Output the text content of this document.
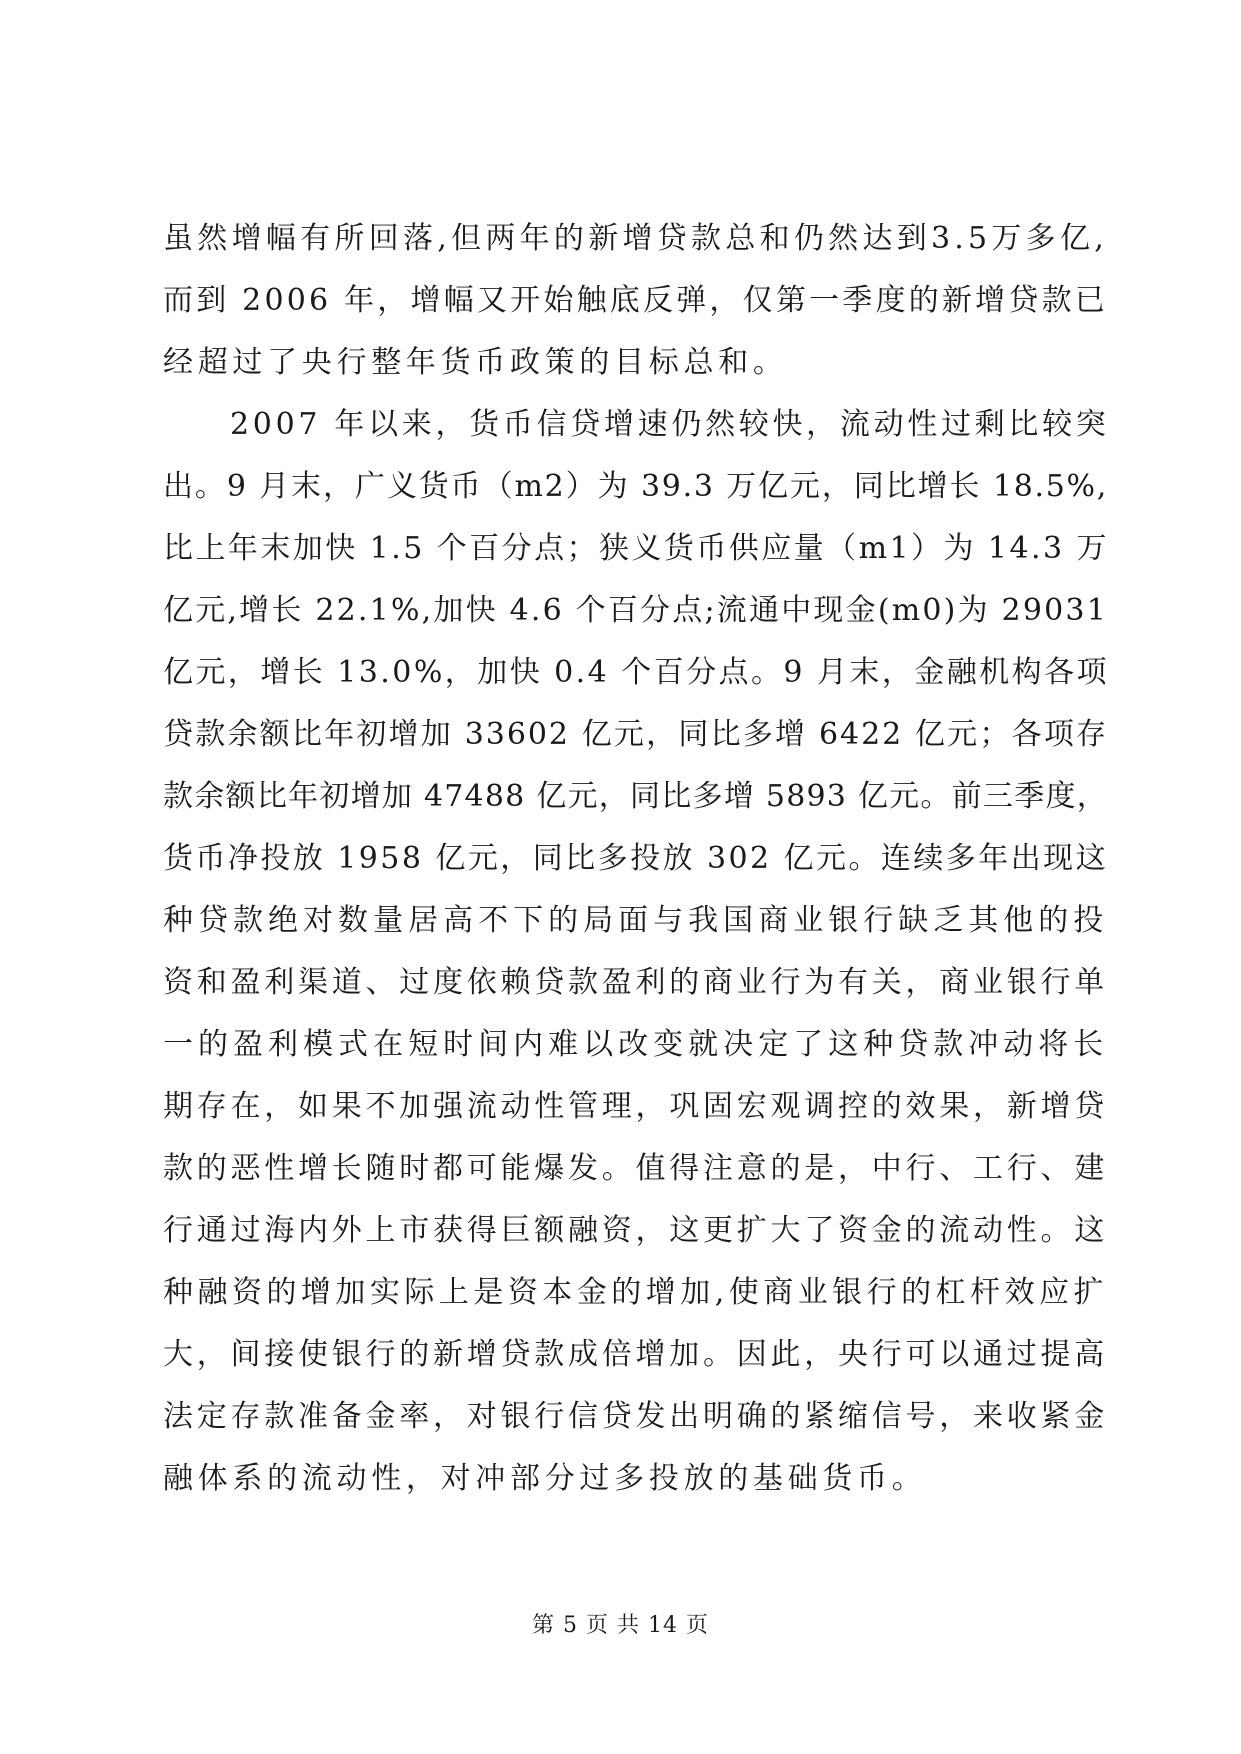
虽然增幅有所回落,但两年的新增贷款总和仍然达到3.5万多亿,
而到 2006 年，增幅又开始触底反弹，仅第一季度的新增贷款已
经超过了央行整年货币政策的目标总和。
2007 年以来，货币信贷增速仍然较快，流动性过剩比较突
出。9 月末，广义货币（m2）为 39.3 万亿元，同比增长 18.5%,
比上年末加快 1.5 个百分点；狭义货币供应量（m1）为 14.3 万
亿元,增长 22.1%,加快 4.6 个百分点;流通中现金(m0)为 29031
亿元，增长 13.0%，加快 0.4 个百分点。9 月末，金融机构各项
贷款余额比年初增加 33602 亿元，同比多增 6422 亿元；各项存
款余额比年初增加 47488 亿元，同比多增 5893 亿元。前三季度，
货币净投放 1958 亿元，同比多投放 302 亿元。连续多年出现这
种贷款绝对数量居高不下的局面与我国商业银行缺乏其他的投
资和盈利渠道、过度依赖贷款盈利的商业行为有关，商业银行单
一的盈利模式在短时间内难以改变就决定了这种贷款冲动将长
期存在，如果不加强流动性管理，巩固宏观调控的效果，新增贷
款的恶性增长随时都可能爆发。值得注意的是，中行、工行、建
行通过海内外上市获得巨额融资，这更扩大了资金的流动性。这
种融资的增加实际上是资本金的增加,使商业银行的杠杆效应扩
大，间接使银行的新增贷款成倍增加。因此，央行可以通过提高
法定存款准备金率，对银行信贷发出明确的紧缩信号，来收紧金
融体系的流动性，对冲部分过多投放的基础货币。
第 5 页 共 14 页
